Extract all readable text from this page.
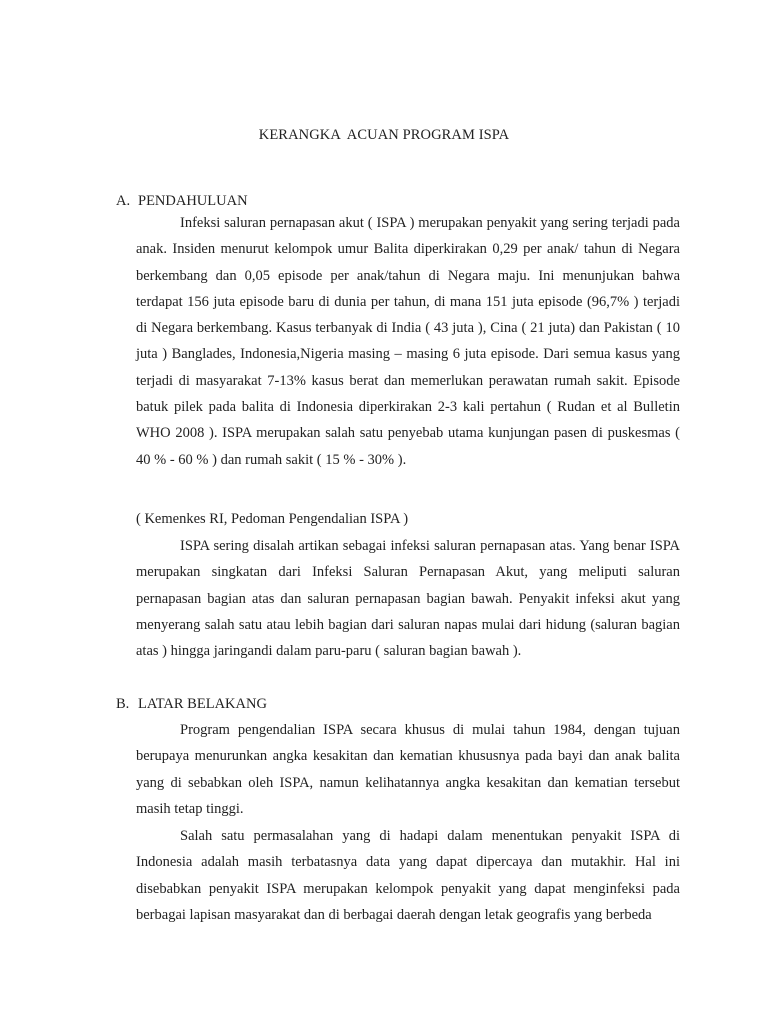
KERANGKA  ACUAN PROGRAM ISPA
A. PENDAHULUAN

Infeksi saluran pernapasan akut ( ISPA ) merupakan penyakit yang sering terjadi pada anak. Insiden menurut kelompok umur Balita diperkirakan 0,29 per anak/ tahun di Negara berkembang dan 0,05 episode per anak/tahun di Negara maju. Ini menunjukan bahwa terdapat 156 juta episode baru di dunia per tahun, di mana 151 juta episode (96,7% ) terjadi di Negara berkembang. Kasus terbanyak di India ( 43 juta ), Cina ( 21 juta) dan Pakistan ( 10 juta ) Banglades, Indonesia,Nigeria masing – masing 6 juta episode. Dari semua kasus yang terjadi di masyarakat 7-13% kasus berat dan memerlukan perawatan rumah sakit. Episode batuk pilek pada balita di Indonesia diperkirakan 2-3 kali pertahun ( Rudan et al Bulletin WHO 2008 ). ISPA merupakan salah satu penyebab utama kunjungan pasen di puskesmas ( 40 % - 60 % ) dan rumah sakit ( 15 % - 30% ).

( Kemenkes RI, Pedoman Pengendalian ISPA )

ISPA sering disalah artikan sebagai infeksi saluran pernapasan atas. Yang benar ISPA merupakan singkatan dari Infeksi Saluran Pernapasan Akut, yang meliputi saluran pernapasan bagian atas dan saluran pernapasan bagian bawah. Penyakit infeksi akut yang menyerang salah satu atau lebih bagian dari saluran napas mulai dari hidung (saluran bagian atas ) hingga jaringandi dalam paru-paru ( saluran bagian bawah ).

B. LATAR BELAKANG

Program pengendalian ISPA secara khusus di mulai tahun 1984, dengan tujuan berupaya menurunkan angka kesakitan dan kematian khususnya pada bayi dan anak balita yang di sebabkan oleh ISPA, namun kelihatannya angka kesakitan dan kematian tersebut masih tetap tinggi.

Salah satu permasalahan yang di hadapi dalam menentukan penyakit ISPA di Indonesia adalah masih terbatasnya data yang dapat dipercaya dan mutakhir. Hal ini disebabkan penyakit ISPA merupakan kelompok penyakit yang dapat menginfeksi pada berbagai lapisan masyarakat dan di berbagai daerah dengan letak geografis yang berbeda
